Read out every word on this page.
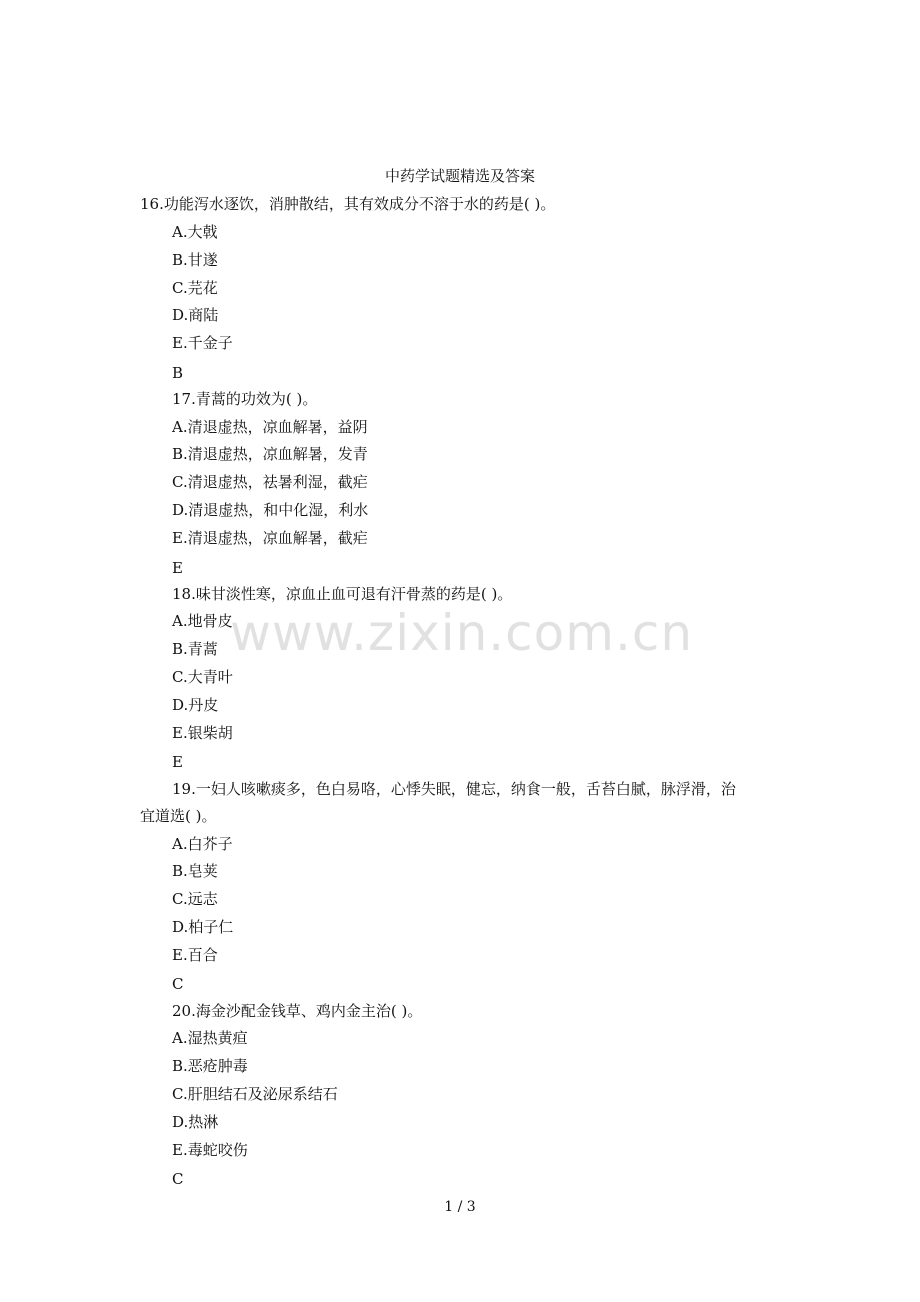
中药学试题精选及答案
www.zixin.com.cn
16.功能泻水逐饮，消肿散结，其有效成分不溶于水的药是( )。
A.大戟
B.甘遂
C.芫花
D.商陆
E.千金子
B
17.青蒿的功效为( )。
A.清退虚热，凉血解暑，益阴
B.清退虚热，凉血解暑，发青
C.清退虚热，祛暑利湿，截疟
D.清退虚热，和中化湿，利水
E.清退虚热，凉血解暑，截疟
E
18.味甘淡性寒，凉血止血可退有汗骨蒸的药是( )。
A.地骨皮
B.青蒿
C.大青叶
D.丹皮
E.银柴胡
E
19.一妇人咳嗽痰多，色白易咯，心悸失眠，健忘，纳食一般，舌苔白腻，脉浮滑，治
宜道选( )。
A.白芥子
B.皂荚
C.远志
D.柏子仁
E.百合
C
20.海金沙配金钱草、鸡内金主治( )。
A.湿热黄疸
B.恶疮肿毒
C.肝胆结石及泌尿系结石
D.热淋
E.毒蛇咬伤
C
1 / 3
